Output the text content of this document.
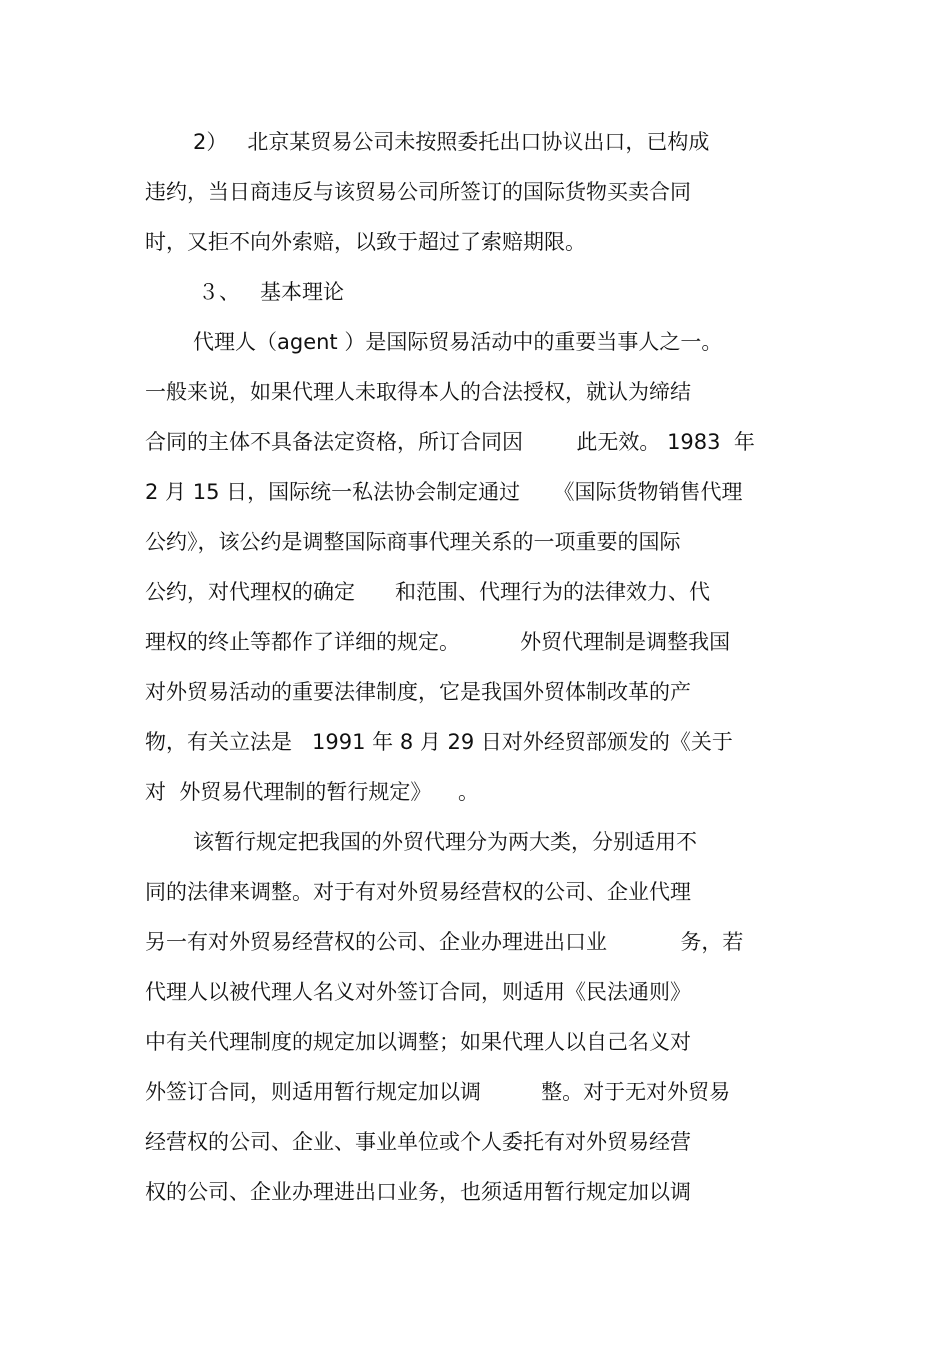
2）   北京某贸易公司未按照委托出口协议出口，已构成
违约，当日商违反与该贸易公司所签订的国际货物买卖合同
时，又拒不向外索赔，以致于超过了索赔期限。
３、   基本理论
代理人（agent ）是国际贸易活动中的重要当事人之一。
一般来说，如果代理人未取得本人的合法授权，就认为缔结
合同的主体不具备法定资格，所订合同因        此无效。 1983  年
2 月 15 日，国际统一私法协会制定通过     《国际货物销售代理
公约》，该公约是调整国际商事代理关系的一项重要的国际
公约，对代理权的确定      和范围、代理行为的法律效力、代
理权的终止等都作了详细的规定。         外贸代理制是调整我国
对外贸易活动的重要法律制度，它是我国外贸体制改革的产
物，有关立法是   1991 年 8 月 29 日对外经贸部颁发的《关于
对  外贸易代理制的暂行规定》    。
该暂行规定把我国的外贸代理分为两大类，分别适用不
同的法律来调整。对于有对外贸易经营权的公司、企业代理
另一有对外贸易经营权的公司、企业办理进出口业           务，若
代理人以被代理人名义对外签订合同，则适用《民法通则》
中有关代理制度的规定加以调整；如果代理人以自己名义对
外签订合同，则适用暂行规定加以调         整。对于无对外贸易
经营权的公司、企业、事业单位或个人委托有对外贸易经营
权的公司、企业办理进出口业务，也须适用暂行规定加以调
